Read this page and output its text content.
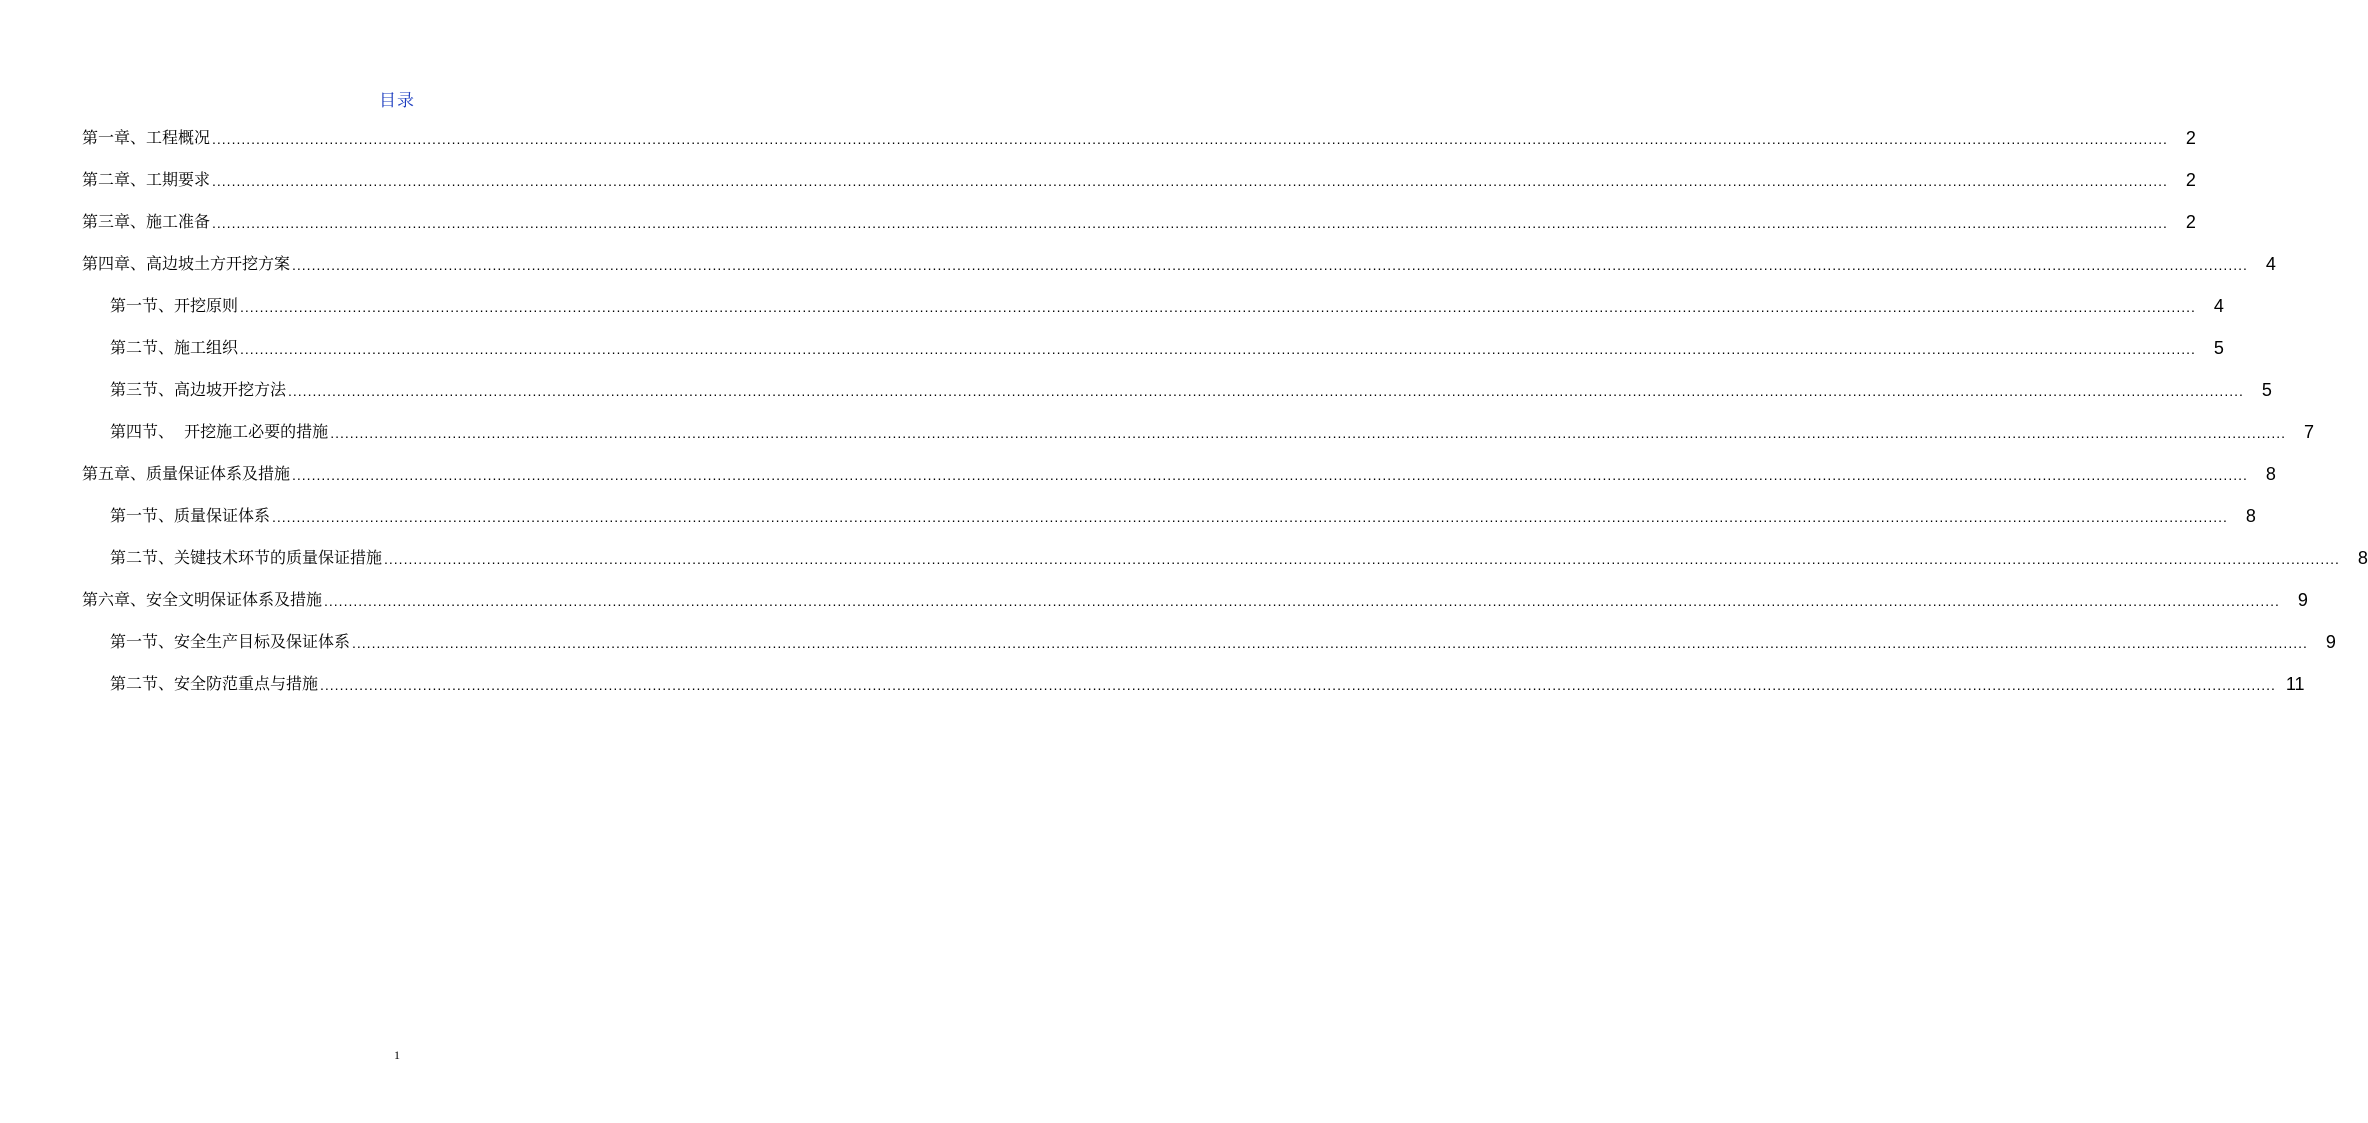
目录
第一章、工程概况 ................................................................................................................................................................................................................................................................................................................................................................................................................ 2
第二章、工期要求 ................................................................................................................................................................................................................................................................................................................................................................................................................ 2
第三章、施工准备 ................................................................................................................................................................................................................................................................................................................................................................................................................ 2
第四章、高边坡土方开挖方案 ................................................................................................................................................................................................................................................................................................................................................................................................................ 4
第一节、开挖原则 ................................................................................................................................................................................................................................................................................................................................................................................................................ 4
第二节、施工组织 ................................................................................................................................................................................................................................................................................................................................................................................................................ 5
第三节、高边坡开挖方法 ................................................................................................................................................................................................................................................................................................................................................................................................................ 5
第四节、  开挖施工必要的措施 ................................................................................................................................................................................................................................................................................................................................................................................................................ 7
第五章、质量保证体系及措施 ................................................................................................................................................................................................................................................................................................................................................................................................................ 8
第一节、质量保证体系 ................................................................................................................................................................................................................................................................................................................................................................................................................ 8
第二节、关键技术环节的质量保证措施 ................................................................................................................................................................................................................................................................................................................................................................................................................ 8
第六章、安全文明保证体系及措施 ................................................................................................................................................................................................................................................................................................................................................................................................................ 9
第一节、安全生产目标及保证体系 ................................................................................................................................................................................................................................................................................................................................................................................................................ 9
第二节、安全防范重点与措施 ................................................................................................................................................................................................................................................................................................................................................................................................................ 11
1
